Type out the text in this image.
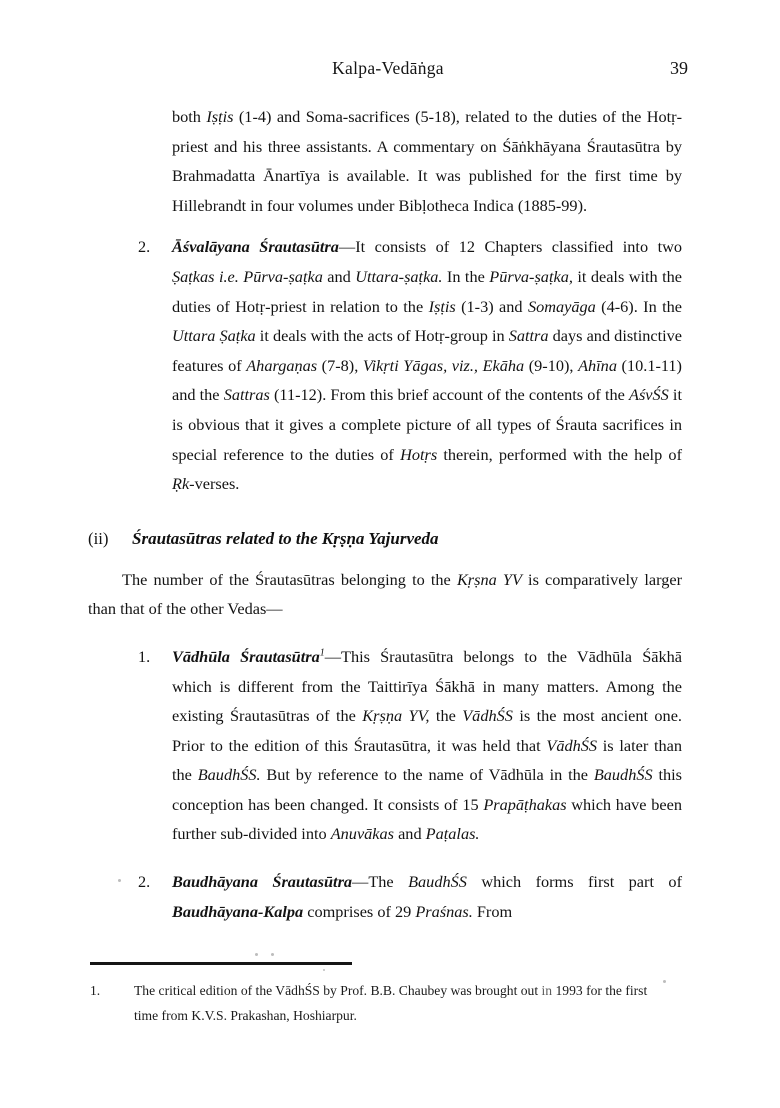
Kalpa-Vedāṅga	39

both Iṣṭis (1-4) and Soma-sacrifices (5-18), related to the duties of the Hotṛ-priest and his three assistants. A commentary on Śāṅkhāyana Śrautasūtra by Brahmadatta Ānartīya is available. It was published for the first time by Hillebrandt in four volumes under Bibḷotheca Indica (1885-99).

2.	Āśvalāyana Śrautasūtra—It consists of 12 Chapters classified into two Ṣaṭkas i.e. Pūrva-ṣaṭka and Uttara-ṣaṭka. In the Pūrva-ṣaṭka, it deals with the duties of Hotṛ-priest in relation to the Iṣṭis (1-3) and Somayāga (4-6). In the Uttara Ṣaṭka it deals with the acts of Hotṛ-group in Sattra days and distinctive features of Ahargaṇas (7-8), Vikṛti Yāgas, viz., Ekāha (9-10), Ahīna (10.1-11) and the Sattras (11-12). From this brief account of the contents of the AśvŚS it is obvious that it gives a complete picture of all types of Śrauta sacrifices in special reference to the duties of Hotṛs therein, performed with the help of Ṛk-verses.

(ii) Śrautasūtras related to the Kṛṣṇa Yajurveda

The number of the Śrautasūtras belonging to the Kṛṣna YV is comparatively larger than that of the other Vedas—

1.	Vādhūla Śrautasūtra$^1$—This Śrautasūtra belongs to the Vādhūla Śākhā which is different from the Taittirīya Śākhā in many matters. Among the existing Śrautasūtras of the Kṛṣṇa YV, the VādhŚS is the most ancient one. Prior to the edition of this Śrautasūtra, it was held that VādhŚS is later than the BaudhŚS. But by reference to the name of Vādhūla in the BaudhŚS this conception has been changed. It consists of 15 Prapāṭhakas which have been further sub-divided into Anuvākas and Paṭalas.

2.	Baudhāyana Śrautasūtra—The BaudhŚS which forms first part of Baudhāyana-Kalpa comprises of 29 Praśnas. From

1.	The critical edition of the VādhŚS by Prof. B.B. Chaubey was brought out in 1993 for the first time from K.V.S. Prakashan, Hoshiarpur.
